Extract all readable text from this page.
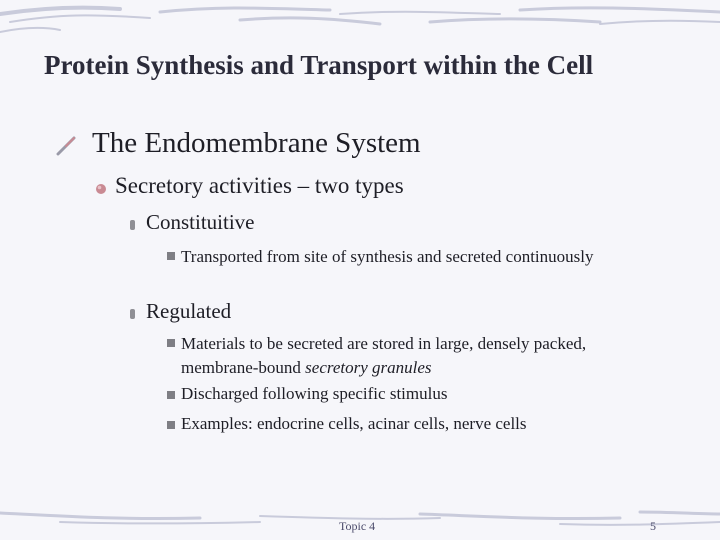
Protein Synthesis and Transport within the Cell
The Endomembrane System
Secretory activities – two types
Constituitive
Transported from site of synthesis and secreted continuously
Regulated
Materials to be secreted are stored in large, densely packed, membrane-bound secretory granules
Discharged following specific stimulus
Examples: endocrine cells, acinar cells, nerve cells
Topic 4	5
